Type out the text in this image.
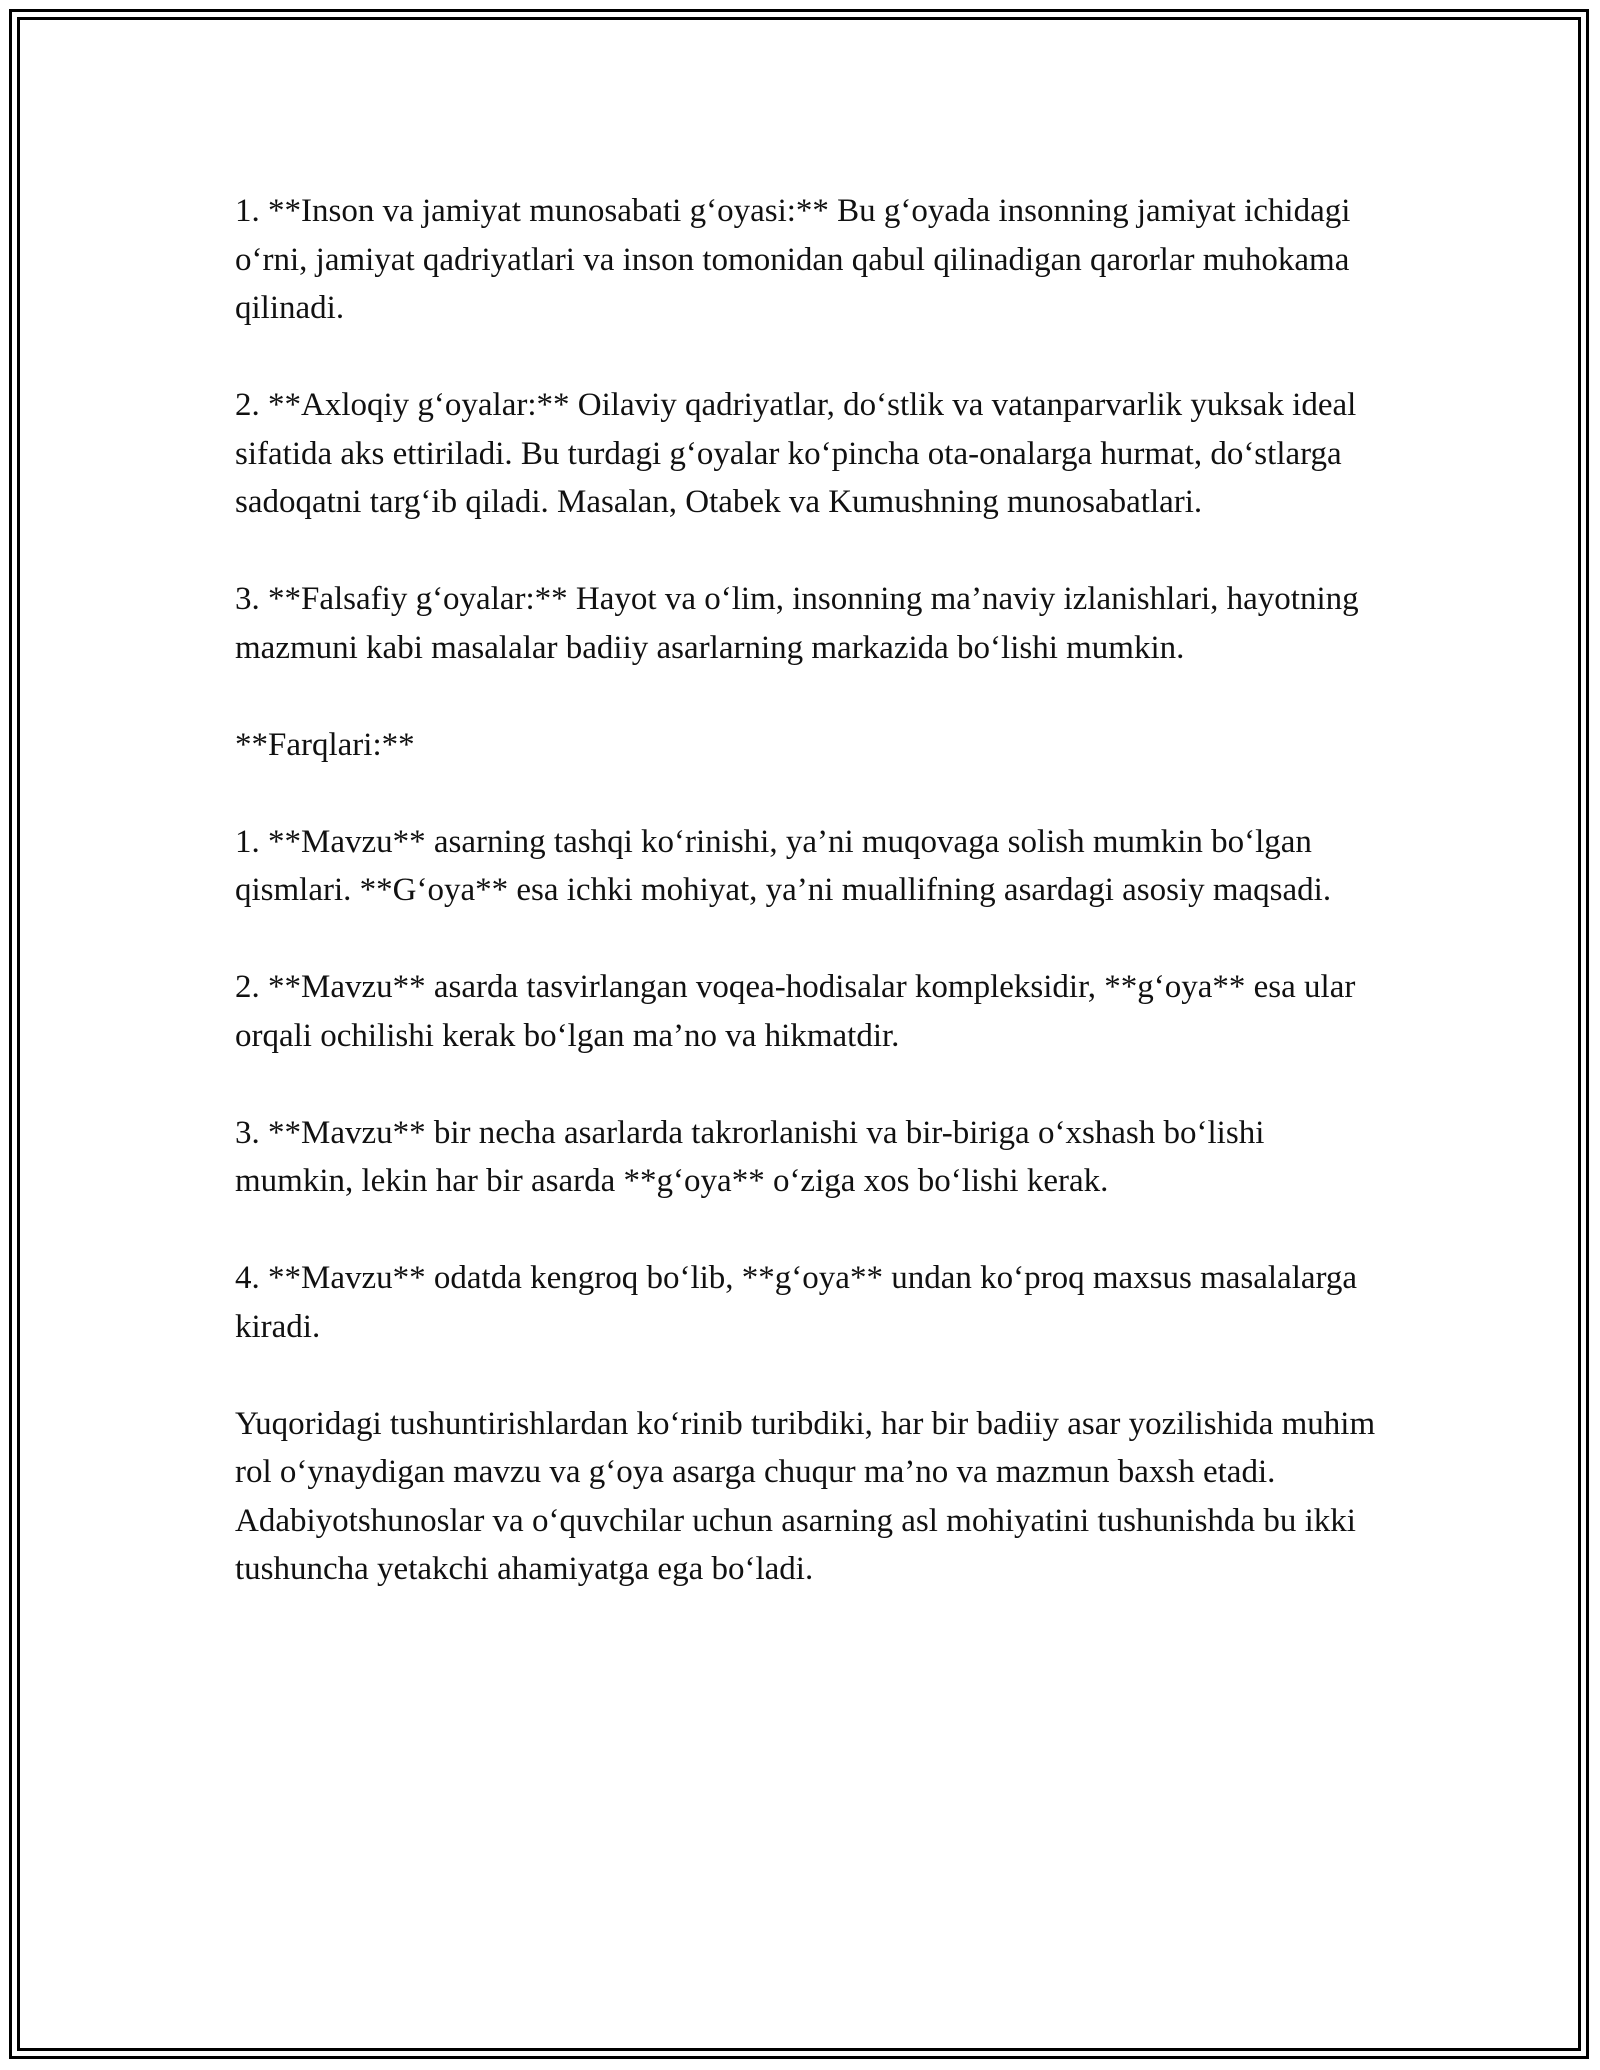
1. **Inson va jamiyat munosabati g‘oyasi:** Bu g‘oyada insonning jamiyat ichidagi o‘rni, jamiyat qadriyatlari va inson tomonidan qabul qilinadigan qarorlar muhokama qilinadi.

2. **Axloqiy g‘oyalar:** Oilaviy qadriyatlar, do‘stlik va vatanparvarlik yuksak ideal sifatida aks ettiriladi. Bu turdagi g‘oyalar ko‘pincha ota-onalarga hurmat, do‘stlarga sadoqatni targ‘ib qiladi. Masalan, Otabek va Kumushning munosabatlari.

3. **Falsafiy g‘oyalar:** Hayot va o‘lim, insonning ma’naviy izlanishlari, hayotning mazmuni kabi masalalar badiiy asarlarning markazida bo‘lishi mumkin.

**Farqlari:**

1. **Mavzu** asarning tashqi ko‘rinishi, ya’ni muqovaga solish mumkin bo‘lgan qismlari. **G‘oya** esa ichki mohiyat, ya’ni muallifning asardagi asosiy maqsadi.

2. **Mavzu** asarda tasvirlangan voqea-hodisalar kompleksidir, **g‘oya** esa ular orqali ochilishi kerak bo‘lgan ma’no va hikmatdir.

3. **Mavzu** bir necha asarlarda takrorlanishi va bir-biriga o‘xshash bo‘lishi mumkin, lekin har bir asarda **g‘oya** o‘ziga xos bo‘lishi kerak.

4. **Mavzu** odatda kengroq bo‘lib, **g‘oya** undan ko‘proq maxsus masalalarga kiradi.

Yuqoridagi tushuntirishlardan ko‘rinib turibdiki, har bir badiiy asar yozilishida muhim rol o‘ynaydigan mavzu va g‘oya asarga chuqur ma’no va mazmun baxsh etadi. Adabiyotshunoslar va o‘quvchilar uchun asarning asl mohiyatini tushunishda bu ikki tushuncha yetakchi ahamiyatga ega bo‘ladi.
